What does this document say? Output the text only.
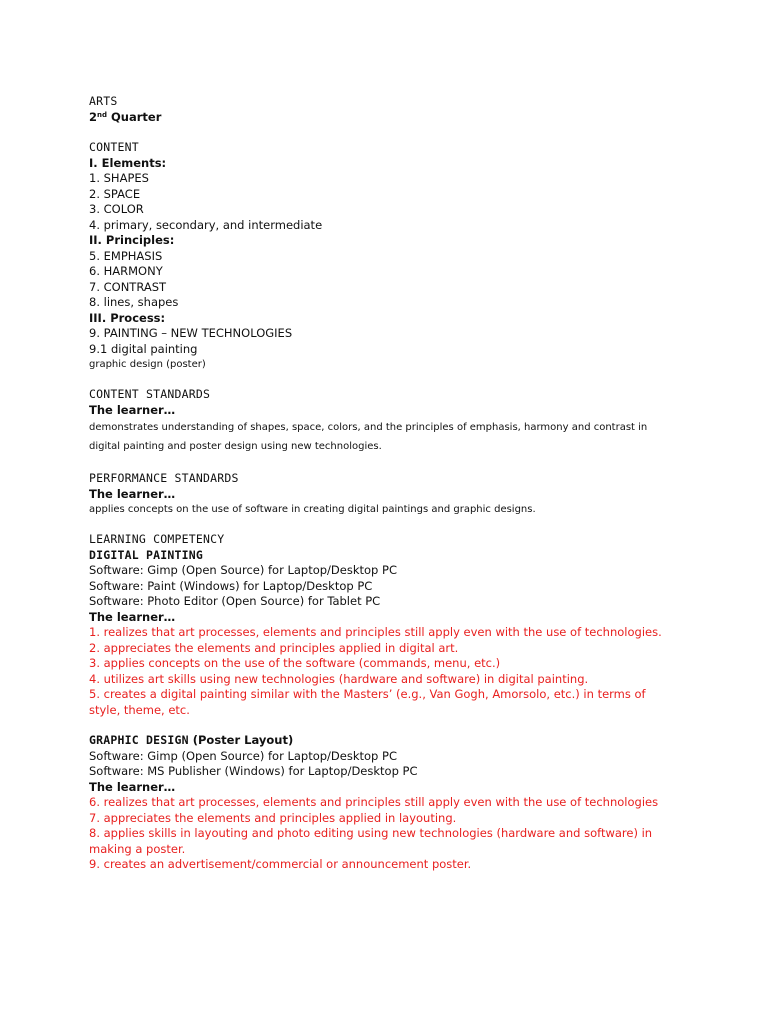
ARTS
2nd Quarter
CONTENT
I. Elements:
1. SHAPES
2. SPACE
3. COLOR
4. primary, secondary, and intermediate
II. Principles:
5. EMPHASIS
6. HARMONY
7. CONTRAST
8. lines, shapes
III. Process:
9. PAINTING – NEW TECHNOLOGIES
9.1 digital painting
graphic design (poster)
CONTENT STANDARDS
The learner…
demonstrates understanding of shapes, space, colors, and the principles of emphasis, harmony and contrast in digital painting and poster design using new technologies.
PERFORMANCE STANDARDS
The learner…
applies concepts on the use of software in creating digital paintings and graphic designs.
LEARNING COMPETENCY
DIGITAL PAINTING
Software: Gimp (Open Source) for Laptop/Desktop PC
Software: Paint (Windows) for Laptop/Desktop PC
Software: Photo Editor (Open Source) for Tablet PC
The learner…
1. realizes that art processes, elements and principles still apply even with the use of technologies.
2. appreciates the elements and principles applied in digital art.
3. applies concepts on the use of the software (commands, menu, etc.)
4. utilizes art skills using new technologies (hardware and software) in digital painting.
5. creates a digital painting similar with the Masters’ (e.g., Van Gogh, Amorsolo, etc.) in terms of style, theme, etc.
GRAPHIC DESIGN (Poster Layout)
Software: Gimp (Open Source) for Laptop/Desktop PC
Software: MS Publisher (Windows) for Laptop/Desktop PC
The learner…
6. realizes that art processes, elements and principles still apply even with the use of technologies
7. appreciates the elements and principles applied in layouting.
8. applies skills in layouting and photo editing using new technologies (hardware and software) in making a poster.
9. creates an advertisement/commercial or announcement poster.
